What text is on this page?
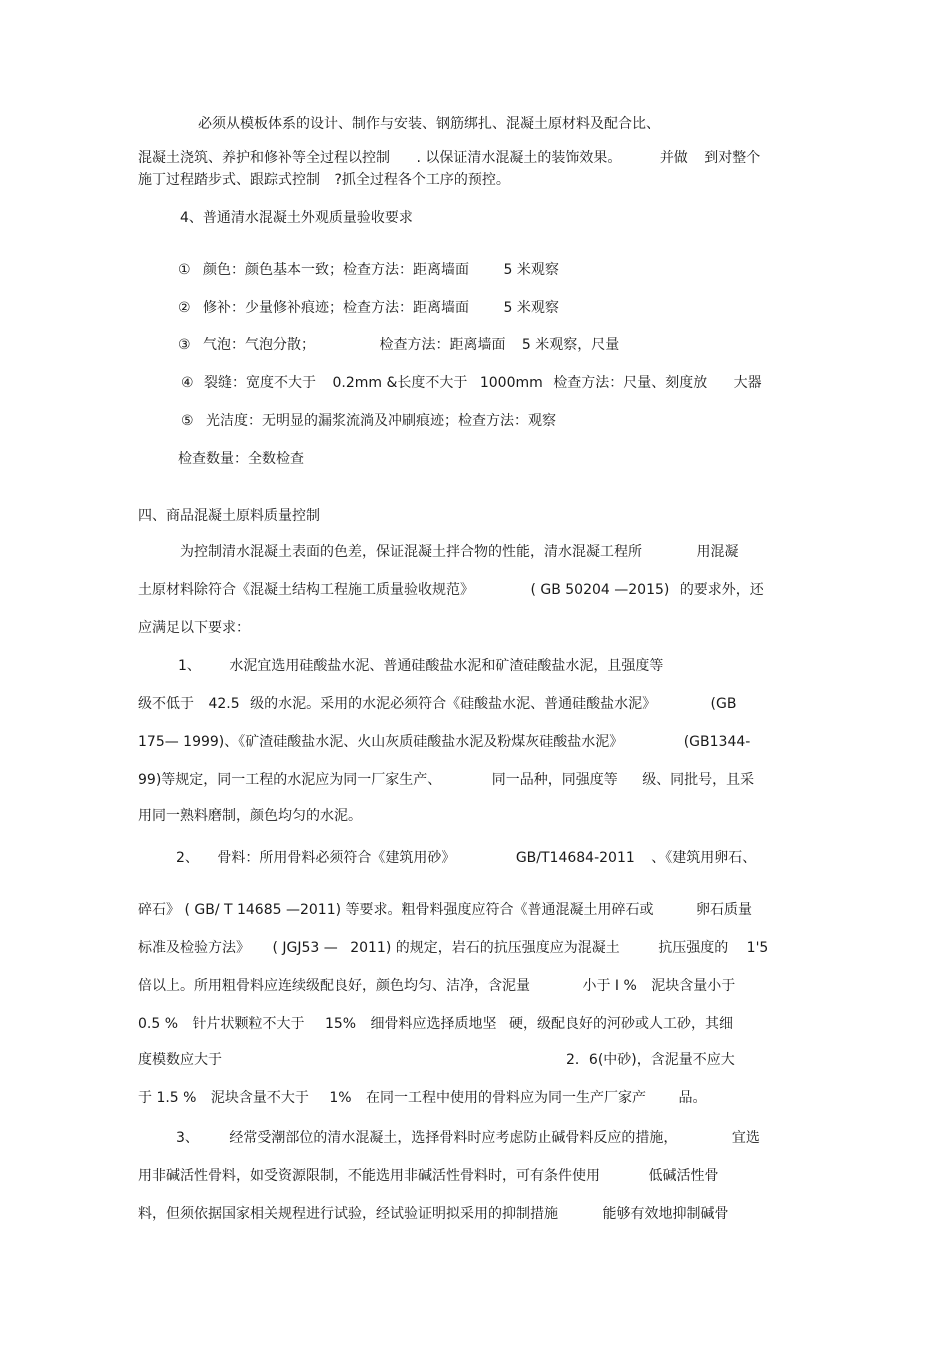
必须从模板体系的设计、制作与安装、钢筋绑扎、混凝土原材料及配合比、
混凝土浇筑、养护和修补等全过程以控制 . 以保证清水混凝土的装饰效果。	并做 到对整个
施丁过程踏步式、跟踪式控制 ?抓全过程各个工序的预控。
4、普通清水混凝土外观质量验收要求
① 颜色：颜色基本一致；检查方法：距离墙面 5 米观察
② 修补：少量修补痕迹；检查方法：距离墙面 5 米观察
③ 气泡：气泡分散；	检查方法：距离墙面 5 米观察，尺量
④ 裂缝：宽度不大于 0.2mm &长度不大于 1000mm 检查方法：尺量、刻度放 大器
⑤ 光洁度：无明显的漏浆流淌及冲刷痕迹；检查方法：观察
检查数量：全数检查
四、商品混凝土原料质量控制
为控制清水混凝土表面的色差，保证混凝土拌合物的性能，清水混凝工程所	用混凝
土原材料除符合《混凝土结构工程施工质量验收规范》	( GB 50204 —2015) 的要求外，还
应满足以下要求：
1、 水泥宜选用硅酸盐水泥、普通硅酸盐水泥和矿渣硅酸盐水泥，且强度等
级不低于 42.5 级的水泥。采用的水泥必须符合《硅酸盐水泥、普通硅酸盐水泥》	(GB
175— 1999)、《矿渣硅酸盐水泥、火山灰质硅酸盐水泥及粉煤灰硅酸盐水泥》	(GB1344-
99)等规定，同一工程的水泥应为同一厂家生产、	同一品种，同强度等 级、同批号，且采
用同一熟料磨制，颜色均匀的水泥。
2、 骨料：所用骨料必须符合《建筑用砂》	GB/T14684-2011 、《建筑用卵石、
碎石》 ( GB/ T 14685 —2011) 等要求。粗骨料强度应符合《普通混凝土用碎石或	卵石质量
标准及检验方法》 ( JGJ53 — 2011) 的规定，岩石的抗压强度应为混凝土	抗压强度的 1'5
倍以上。所用粗骨料应连续级配良好，颜色均匀、洁净，含泥量	小于 I % 泥块含量小于
0.5 % 针片状颗粒不大于 15% 细骨料应选择质地坚 硬，级配良好的河砂或人工砂，其细
度模数应大于	2．6(中砂)，含泥量不应大
于 1.5 % 泥块含量不大于 1% 在同一工程中使用的骨料应为同一生产厂家产 品。
3、 经常受潮部位的清水混凝土，选择骨料时应考虑防止碱骨料反应的措施，	宜选
用非碱活性骨料，如受资源限制，不能选用非碱活性骨料时，可有条件使用	低碱活性骨
料，但须依据国家相关规程进行试验，经试验证明拟采用的抑制措施	能够有效地抑制碱骨
